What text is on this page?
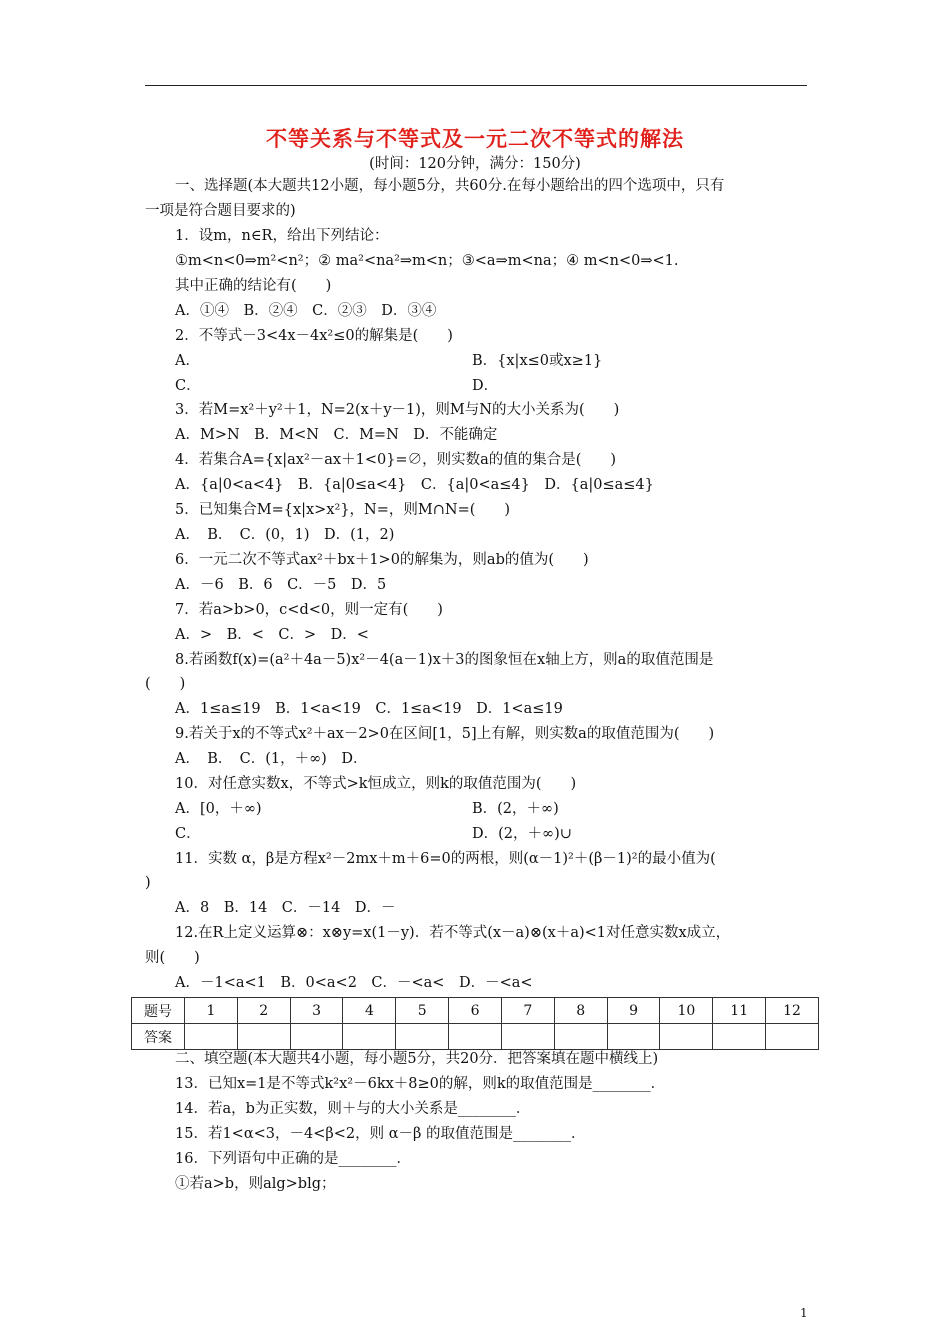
不等关系与不等式及一元二次不等式的解法
(时间：120分钟，满分：150分)
一、选择题(本大题共12小题，每小题5分，共60分.在每小题给出的四个选项中，只有
一项是符合题目要求的)
1．设m，n∈R，给出下列结论：
①m<n<0⇒m²<n²；② ma²<na²⇒m<n；③<a⇒m<na；④ m<n<0⇒<1.
其中正确的结论有(　　)
A．①④　B．②④　C．②③　D．③④
2．不等式－3<4x－4x²≤0的解集是(　　)
A．	B．{x|x≤0或x≥1}
C．	D．
3．若M=x²＋y²＋1，N=2(x＋y－1)，则M与N的大小关系为(　　)
A．M>N　B．M<N　C．M=N　D．不能确定
4．若集合A={x|ax²－ax＋1<0}=∅，则实数a的值的集合是(　　)
A．{a|0<a<4}　B．{a|0≤a<4}　C．{a|0<a≤4}　D．{a|0≤a≤4}
5．已知集合M={x|x>x²}，N=，则M∩N=(　　)
A．　B．　C．(0，1)　D．(1，2)
6．一元二次不等式ax²＋bx＋1>0的解集为，则ab的值为(　　)
A．－6　B．6　C．－5　D．5
7．若a>b>0，c<d<0，则一定有(　　)
A．>　B．<　C．>　D．<
8.若函数f(x)=(a²＋4a－5)x²－4(a－1)x＋3的图象恒在x轴上方，则a的取值范围是
(　　)
A．1≤a≤19　B．1<a<19　C．1≤a<19　D．1<a≤19
9.若关于x的不等式x²＋ax－2>0在区间[1，5]上有解，则实数a的取值范围为(　　)
A．　B．　C．(1，＋∞)　D．
10．对任意实数x，不等式>k恒成立，则k的取值范围为(　　)
A．[0，＋∞)	B．(2，＋∞)
C．	D．(2，＋∞)∪
11．实数 α，β是方程x²－2mx＋m＋6=0的两根，则(α－1)²＋(β－1)²的最小值为(
)
A．8　B．14　C．－14　D．－
12.在R上定义运算⊗：x⊗y=x(1－y)．若不等式(x－a)⊗(x＋a)<1对任意实数x成立，
则(　　)
A．－1<a<1　B．0<a<2　C．－<a<　D．－<a<
题号	1	2	3	4	5	6	7	8	9	10	11	12
答案												
二、填空题(本大题共4小题，每小题5分，共20分．把答案填在题中横线上)
13．已知x=1是不等式k²x²－6kx＋8≥0的解，则k的取值范围是________．
14．若a，b为正实数，则＋与的大小关系是________．
15．若1<α<3，－4<β<2，则 α－β 的取值范围是________．
16．下列语句中正确的是________．
①若a>b，则alg>blg；
1
